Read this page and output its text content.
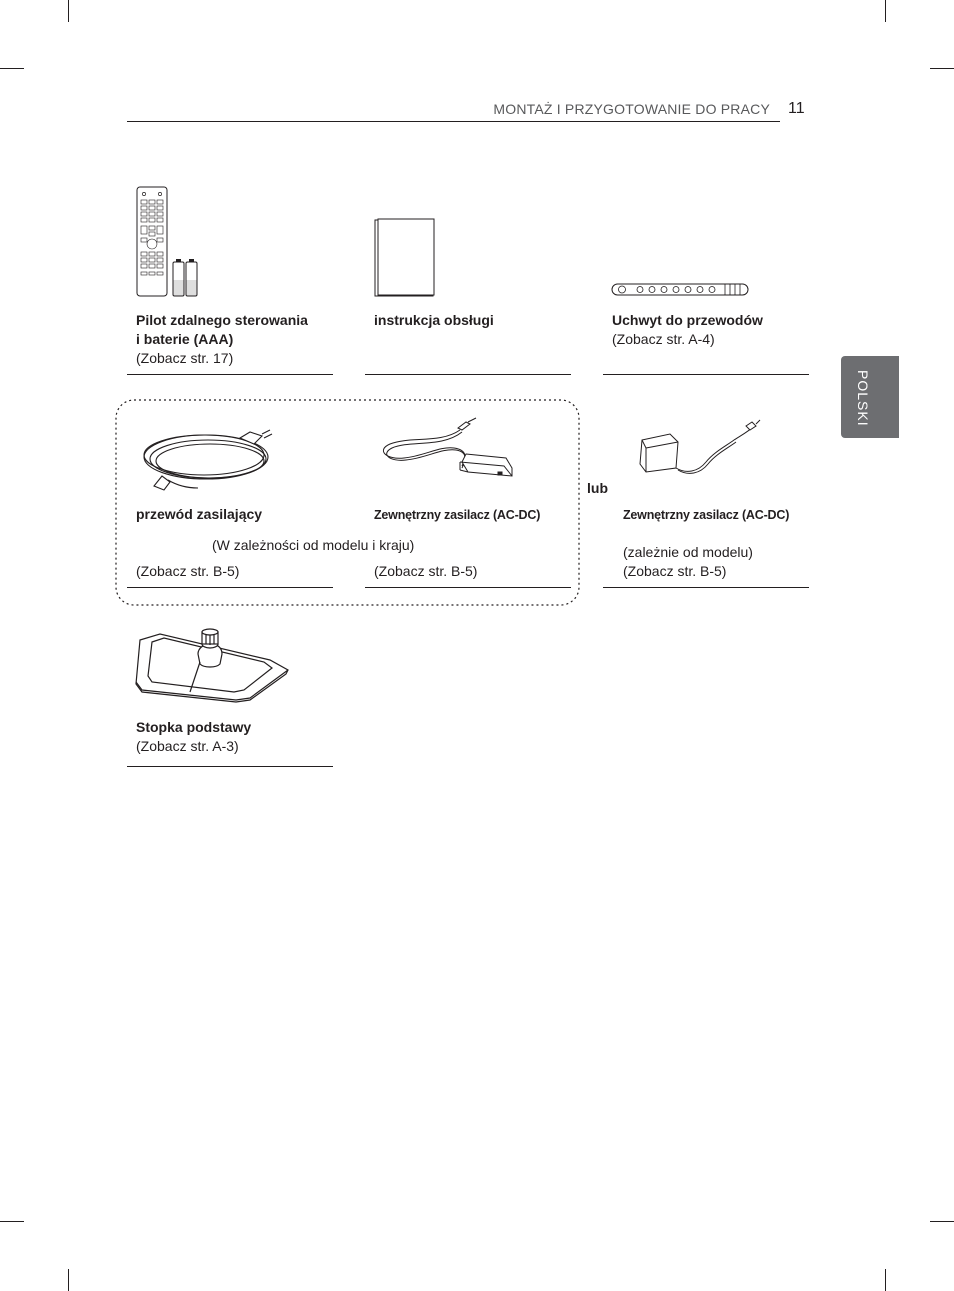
MONTAŻ I PRZYGOTOWANIE DO PRACY 11
POLSKI
Pilot zdalnego sterowania
i baterie (AAA)
(Zobacz str. 17)
instrukcja obsługi	Uchwyt do przewodów
(Zobacz str. A-4)
przewód zasilający
(W zależności od modelu i kraju)
(Zobacz str. B-5)
Zewnętrzny zasilacz (AC-DC)
(Zobacz str. B-5)
lub
Zewnętrzny zasilacz (AC-DC)
(zależnie od modelu)
(Zobacz str. B-5)
Stopka podstawy
(Zobacz str. A-3)
